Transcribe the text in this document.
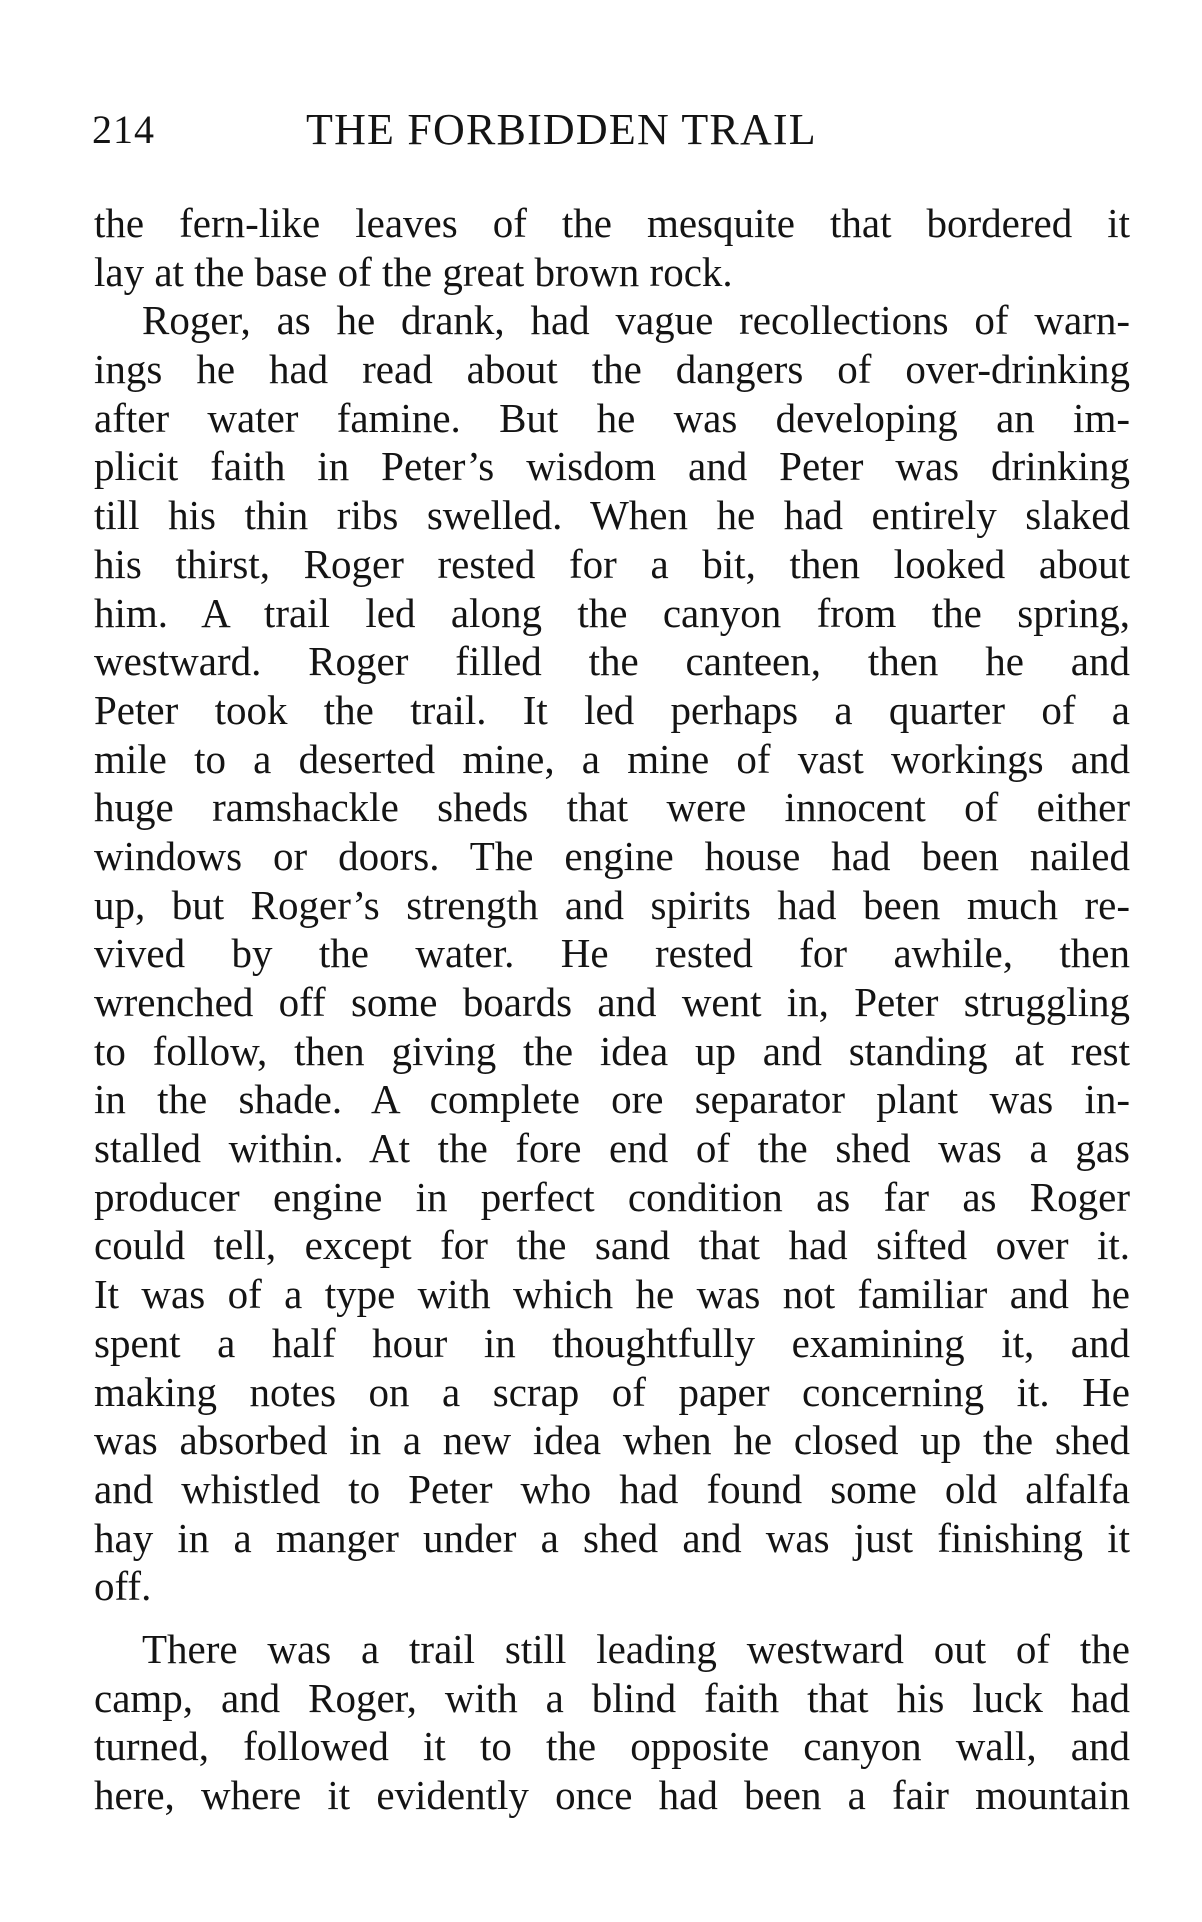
214	THE FORBIDDEN TRAIL
the fern-like leaves of the mesquite that bordered it
lay at the base of the great brown rock.
Roger, as he drank, had vague recollections of warn-
ings he had read about the dangers of over-drinking
after water famine. But he was developing an im-
plicit faith in Peter’s wisdom and Peter was drinking
till his thin ribs swelled. When he had entirely slaked
his thirst, Roger rested for a bit, then looked about
him. A trail led along the canyon from the spring,
westward. Roger filled the canteen, then he and
Peter took the trail. It led perhaps a quarter of a
mile to a deserted mine, a mine of vast workings and
huge ramshackle sheds that were innocent of either
windows or doors. The engine house had been nailed
up, but Roger’s strength and spirits had been much re-
vived by the water. He rested for awhile, then
wrenched off some boards and went in, Peter struggling
to follow, then giving the idea up and standing at rest
in the shade. A complete ore separator plant was in-
stalled within. At the fore end of the shed was a gas
producer engine in perfect condition as far as Roger
could tell, except for the sand that had sifted over it.
It was of a type with which he was not familiar and he
spent a half hour in thoughtfully examining it, and
making notes on a scrap of paper concerning it. He
was absorbed in a new idea when he closed up the shed
and whistled to Peter who had found some old alfalfa
hay in a manger under a shed and was just finishing it
off.
There was a trail still leading westward out of the
camp, and Roger, with a blind faith that his luck had
turned, followed it to the opposite canyon wall, and
here, where it evidently once had been a fair mountain
